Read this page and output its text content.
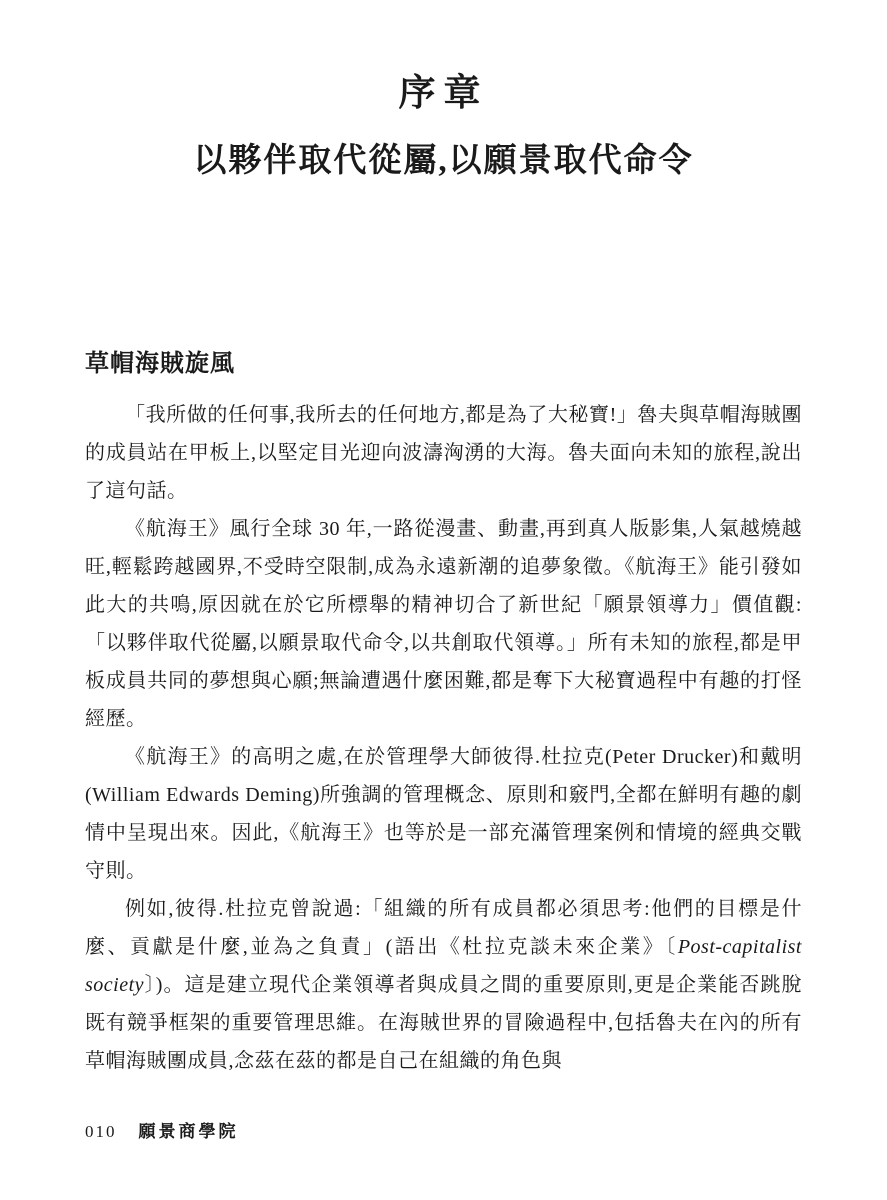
序章
以夥伴取代從屬,以願景取代命令
草帽海賊旋風

「我所做的任何事,我所去的任何地方,都是為了大秘寶!」魯夫與草帽海賊團的成員站在甲板上,以堅定目光迎向波濤洶湧的大海。魯夫面向未知的旅程,說出了這句話。

《航海王》風行全球 30 年,一路從漫畫、動畫,再到真人版影集,人氣越燒越旺,輕鬆跨越國界,不受時空限制,成為永遠新潮的追夢象徵。《航海王》能引發如此大的共鳴,原因就在於它所標舉的精神切合了新世紀「願景領導力」價值觀:「以夥伴取代從屬,以願景取代命令,以共創取代領導。」所有未知的旅程,都是甲板成員共同的夢想與心願;無論遭遇什麼困難,都是奪下大秘寶過程中有趣的打怪經歷。

《航海王》的高明之處,在於管理學大師彼得.杜拉克(Peter Drucker)和戴明(William Edwards Deming)所強調的管理概念、原則和竅門,全都在鮮明有趣的劇情中呈現出來。因此,《航海王》也等於是一部充滿管理案例和情境的經典交戰守則。

例如,彼得.杜拉克曾說過:「組織的所有成員都必須思考:他們的目標是什麼、貢獻是什麼,並為之負責」(語出《杜拉克談未來企業》〔Post-capitalist society〕)。這是建立現代企業領導者與成員之間的重要原則,更是企業能否跳脫既有競爭框架的重要管理思維。在海賊世界的冒險過程中,包括魯夫在內的所有草帽海賊團成員,念茲在茲的都是自己在組織的角色與

010 願景商學院
